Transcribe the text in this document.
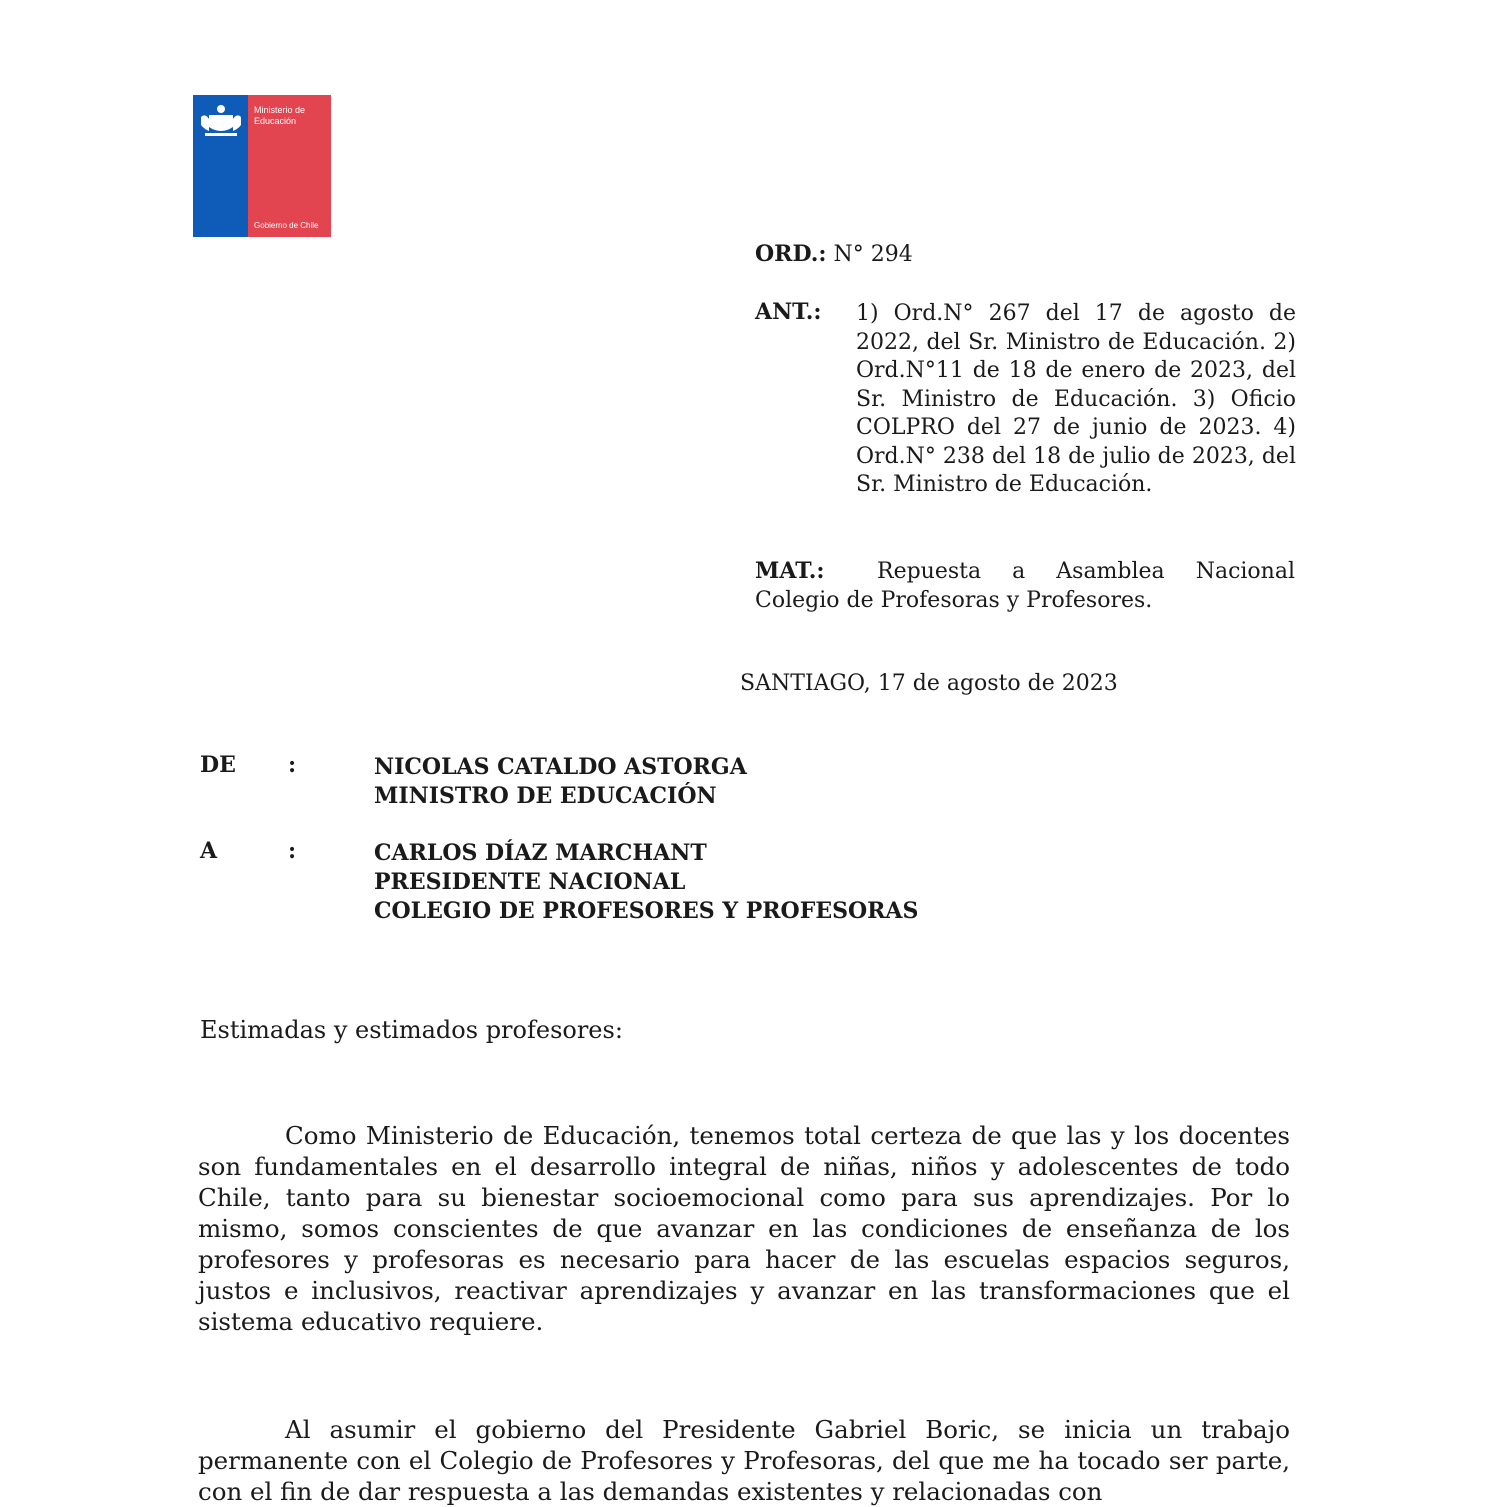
Ministerio de
Educación
Gobierno de Chile
ORD.: N° 294
ANT.: 1) Ord.N° 267 del 17 de agosto de 2022, del Sr. Ministro de Educación. 2) Ord.N°11 de 18 de enero de 2023, del Sr. Ministro de Educación. 3) Oficio COLPRO del 27 de junio de 2023. 4) Ord.N° 238 del 18 de julio de 2023, del Sr. Ministro de Educación.
MAT.:	Repuesta a Asamblea Nacional Colegio de Profesoras y Profesores.
SANTIAGO, 17 de agosto de 2023
DE :	NICOLAS CATALDO ASTORGA
MINISTRO DE EDUCACIÓN
A	:	CARLOS DÍAZ MARCHANT
PRESIDENTE NACIONAL
COLEGIO DE PROFESORES Y PROFESORAS
Estimadas y estimados profesores:
Como Ministerio de Educación, tenemos total certeza de que las y los docentes son fundamentales en el desarrollo integral de niñas, niños y adolescentes de todo Chile, tanto para su bienestar socioemocional como para sus aprendizajes. Por lo mismo, somos conscientes de que avanzar en las condiciones de enseñanza de los profesores y profesoras es necesario para hacer de las escuelas espacios seguros, justos e inclusivos, reactivar aprendizajes y avanzar en las transformaciones que el sistema educativo requiere.
Al asumir el gobierno del Presidente Gabriel Boric, se inicia un trabajo permanente con el Colegio de Profesores y Profesoras, del que me ha tocado ser parte, con el fin de dar respuesta a las demandas existentes y relacionadas con
